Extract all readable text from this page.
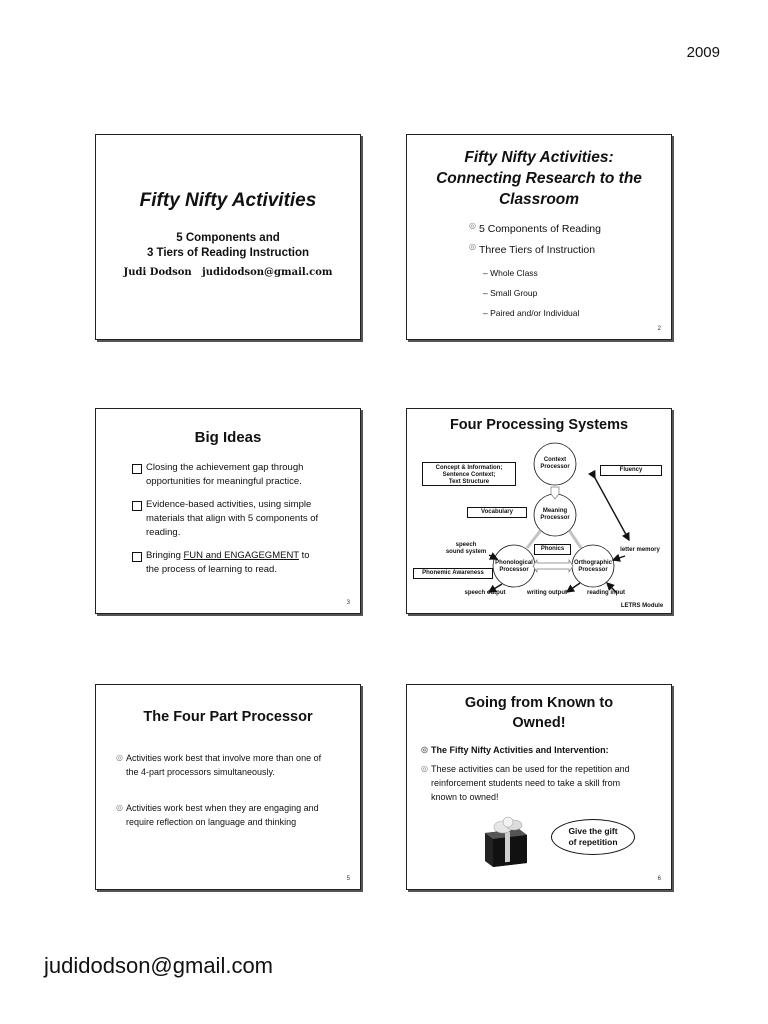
2009
Fifty Nifty Activities
5 Components and
3 Tiers of Reading Instruction
Judi Dodson   judidodson@gmail.com
Fifty Nifty Activities:
Connecting Research to the
Classroom
◎ 5 Components of Reading
◎ Three Tiers of Instruction
– Whole Class
– Small Group
– Paired and/or Individual
2
Big Ideas
Closing the achievement gap through
opportunities for meaningful practice.
Evidence-based activities, using simple
materials that align with 5 components of
reading.
Bringing FUN and ENGAGEGMENT to
the process of learning to read.
3
Four Processing Systems
Context
Processor
Meaning
Processor
Phonological
Processor
Orthographic
Processor
Concept & Information;
Sentence Context;
Text Structure
Fluency
Vocabulary
Phonics
Phonemic Awareness
speech
sound system	letter memory
speech output	writing output	reading input
LETRS Module
The Four Part Processor
◎ Activities work best that involve more than one of
the 4-part processors simultaneously.
◎ Activities work best when they are engaging and
require reflection on language and thinking
5
Going from Known to
Owned!
◎ The Fifty Nifty Activities and Intervention:
◎ These activities can be used for the repetition and
reinforcement students need to take a skill from
known to owned!
Give the gift
of repetition
6
judidodson@gmail.com
